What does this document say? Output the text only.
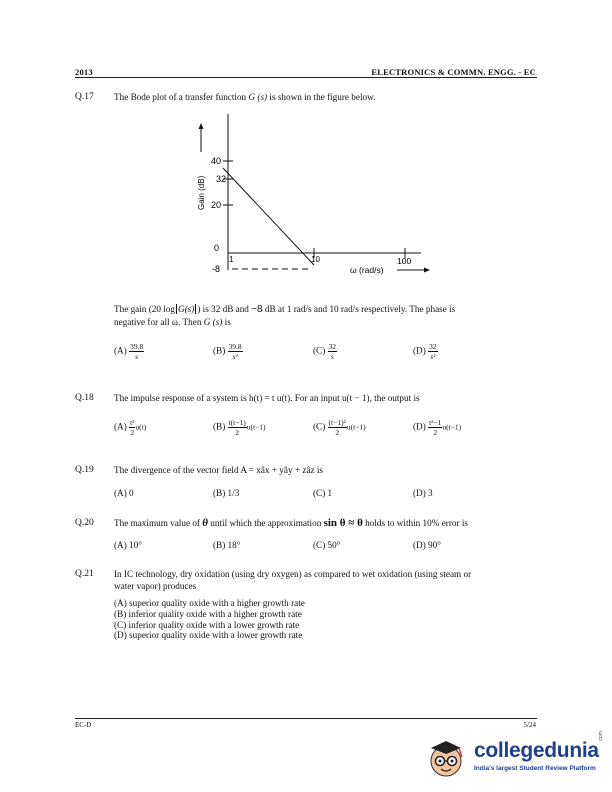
2013	ELECTRONICS & COMMN. ENGG. - EC
Q.17 The Bode plot of a transfer function G (s) is shown in the figure below.
40
32
20
0
-8
1	10	100
ω (rad/s)
Gain (dB)
The gain (20 log G(s) ) is 32 dB and −8 dB at 1 rad/s and 10 rad/s respectively. The phase is
negative for all ω. Then G (s) is
$(A) \frac{39.8}{s}$	$(B) \frac{39.8}{\text{s²}}$	$(C) \frac{32}{s}$	$(D) \frac{32}{\text{s²}}$
Q.18 The impulse response of a system is h(t) = t u(t). For an input u(t − 1), the output is
$(A) \frac{\text{t²}}{2} u(t)$	$(B) \frac{t(t-1)}{2} u(t-1)$	$(C) \frac{\text{(t−1)²}}{2} u(t-1)$	$(D) \frac{\text{t²−1}}{2} u(t-1)$
Q.19 The divergence of the vector field A = xâx + yây + zâz is
(A) 0	(B) 1/3	(C) 1	(D) 3
Q.20 The maximum value of θ until which the approximation sin θ ≈ θ holds to within 10% error is
(A) 10°	(B) 18°	(C) 50°	(D) 90°
Q.21 In IC technology, dry oxidation (using dry oxygen) as compared to wet oxidation (using steam or
water vapor) produces
(A) superior quality oxide with a higher growth rate
(B) inferior quality oxide with a higher growth rate
(C) inferior quality oxide with a lower growth rate
(D) superior quality oxide with a lower growth rate
EC-D	5/24
collegedunia
.com
India's largest Student Review Platform
